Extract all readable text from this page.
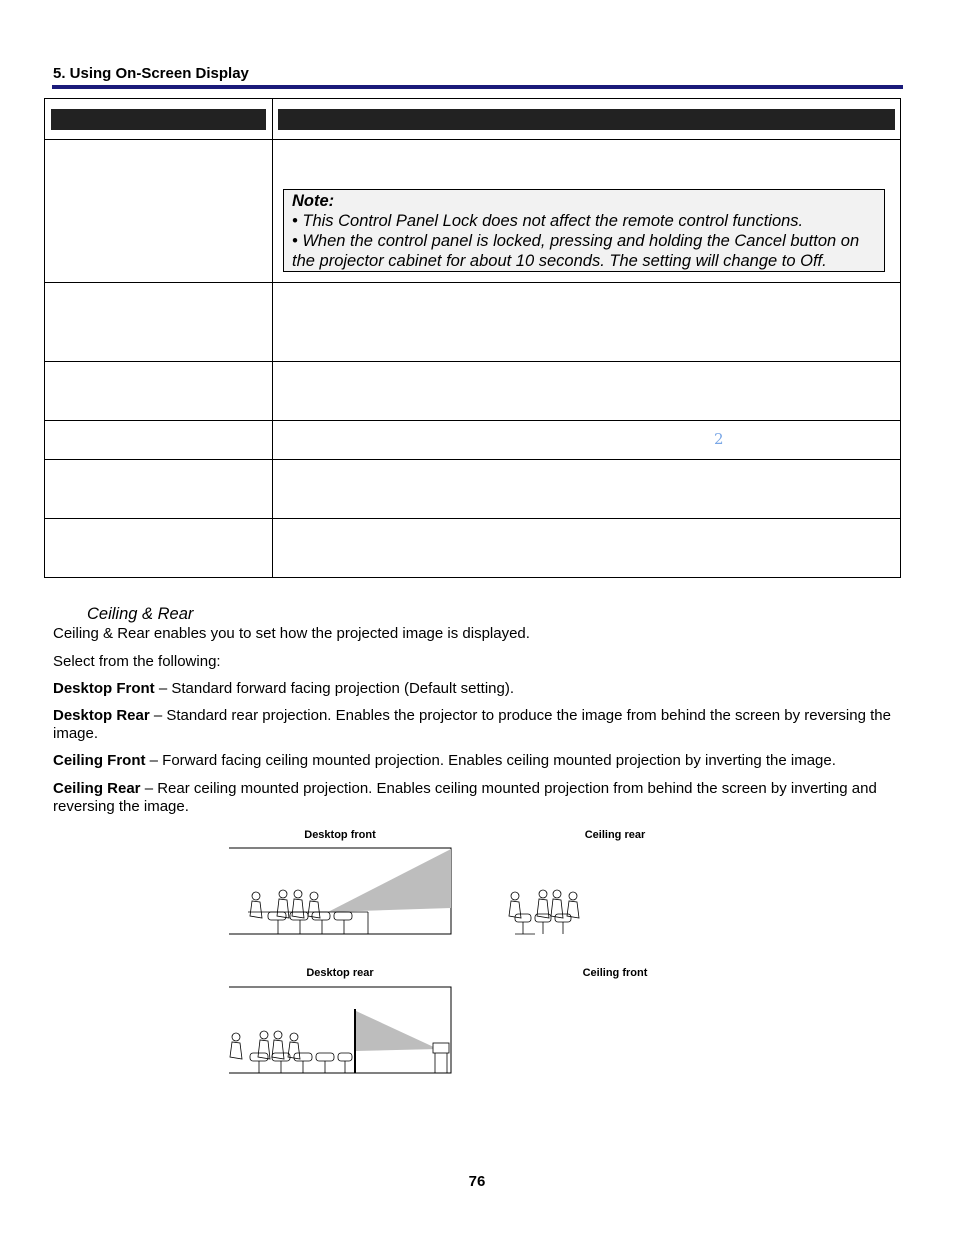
5. Using On-Screen Display
Note:
• This Control Panel Lock does not affect the remote control functions.
• When the control panel is locked, pressing and holding the Cancel button on the projector cabinet for about 10 seconds. The setting will change to Off.
2
Ceiling & Rear
Ceiling & Rear enables you to set how the projected image is displayed.
Select from the following:
Desktop Front – Standard forward facing projection (Default setting).
Desktop Rear – Standard rear projection. Enables the projector to produce the image from behind the screen by reversing the image.
Ceiling Front – Forward facing ceiling mounted projection. Enables ceiling mounted projection by inverting the image.
Ceiling Rear – Rear ceiling mounted projection. Enables ceiling mounted projection from behind the screen by inverting and reversing the image.
Desktop front	Ceiling rear
Desktop rear	Ceiling front
76
